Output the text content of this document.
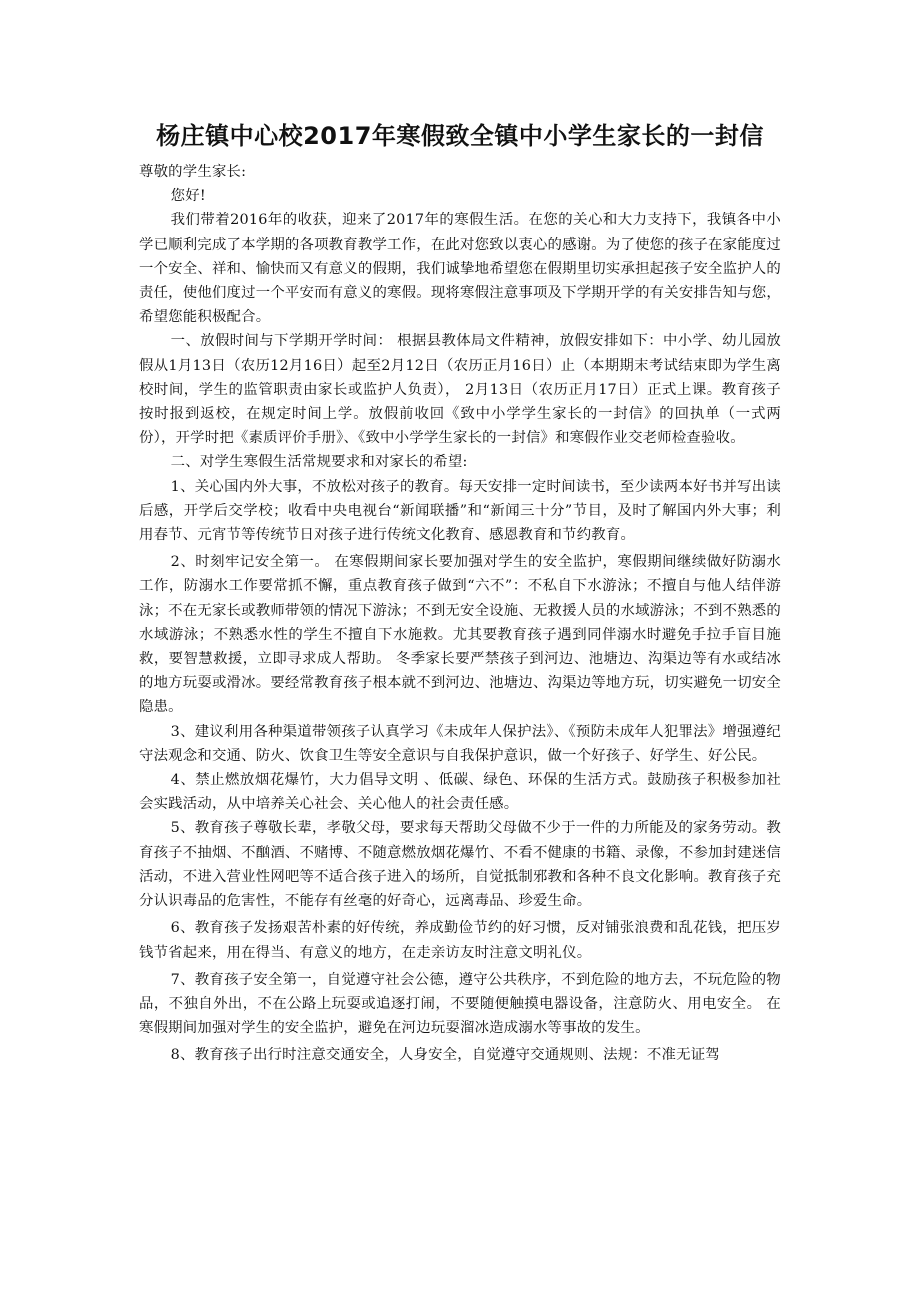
杨庄镇中心校2017年寒假致全镇中小学生家长的一封信

尊敬的学生家长:

您好!

我们带着2016年的收获，迎来了2017年的寒假生活。在您的关心和大力支持下，我镇各中小学已顺利完成了本学期的各项教育教学工作，在此对您致以衷心的感谢。为了使您的孩子在家能度过一个安全、祥和、愉快而又有意义的假期，我们诚挚地希望您在假期里切实承担起孩子安全监护人的责任，使他们度过一个平安而有意义的寒假。现将寒假注意事项及下学期开学的有关安排告知与您，希望您能积极配合。

一、放假时间与下学期开学时间： 根据县教体局文件精神，放假安排如下：中小学、幼儿园放假从1月13日（农历12月16日）起至2月12日（农历正月16日）止（本期期末考试结束即为学生离校时间，学生的监管职责由家长或监护人负责）， 2月13日（农历正月17日）正式上课。教育孩子按时报到返校，在规定时间上学。放假前收回《致中小学学生家长的一封信》的回执单（一式两份），开学时把《素质评价手册》、《致中小学学生家长的一封信》和寒假作业交老师检查验收。

二、对学生寒假生活常规要求和对家长的希望:

1、关心国内外大事，不放松对孩子的教育。每天安排一定时间读书，至少读两本好书并写出读后感，开学后交学校；收看中央电视台“新闻联播”和“新闻三十分”节目，及时了解国内外大事；利用春节、元宵节等传统节日对孩子进行传统文化教育、感恩教育和节约教育。

2、时刻牢记安全第一。 在寒假期间家长要加强对学生的安全监护，寒假期间继续做好防溺水工作，防溺水工作要常抓不懈，重点教育孩子做到“六不”：不私自下水游泳；不擅自与他人结伴游泳；不在无家长或教师带领的情况下游泳；不到无安全设施、无救援人员的水域游泳；不到不熟悉的水域游泳；不熟悉水性的学生不擅自下水施救。尤其要教育孩子遇到同伴溺水时避免手拉手盲目施救，要智慧救援，立即寻求成人帮助。 冬季家长要严禁孩子到河边、池塘边、沟渠边等有水或结冰的地方玩耍或滑冰。要经常教育孩子根本就不到河边、池塘边、沟渠边等地方玩，切实避免一切安全隐患。

3、建议利用各种渠道带领孩子认真学习《未成年人保护法》、《预防未成年人犯罪法》增强遵纪守法观念和交通、防火、饮食卫生等安全意识与自我保护意识，做一个好孩子、好学生、好公民。

4、禁止燃放烟花爆竹，大力倡导文明 、低碳、绿色、环保的生活方式。鼓励孩子积极参加社会实践活动，从中培养关心社会、关心他人的社会责任感。

5、教育孩子尊敬长辈，孝敬父母，要求每天帮助父母做不少于一件的力所能及的家务劳动。教育孩子不抽烟、不酗酒、不赌博、不随意燃放烟花爆竹、不看不健康的书籍、录像，不参加封建迷信活动，不进入营业性网吧等不适合孩子进入的场所，自觉抵制邪教和各种不良文化影响。教育孩子充分认识毒品的危害性，不能存有丝毫的好奇心，远离毒品、珍爱生命。

6、教育孩子发扬艰苦朴素的好传统，养成勤俭节约的好习惯，反对铺张浪费和乱花钱，把压岁钱节省起来，用在得当、有意义的地方，在走亲访友时注意文明礼仪。

7、教育孩子安全第一，自觉遵守社会公德，遵守公共秩序，不到危险的地方去，不玩危险的物品，不独自外出，不在公路上玩耍或追逐打闹，不要随便触摸电器设备，注意防火、用电安全。 在寒假期间加强对学生的安全监护，避免在河边玩耍溜冰造成溺水等事故的发生。

8、教育孩子出行时注意交通安全，人身安全，自觉遵守交通规则、法规：不准无证驾
